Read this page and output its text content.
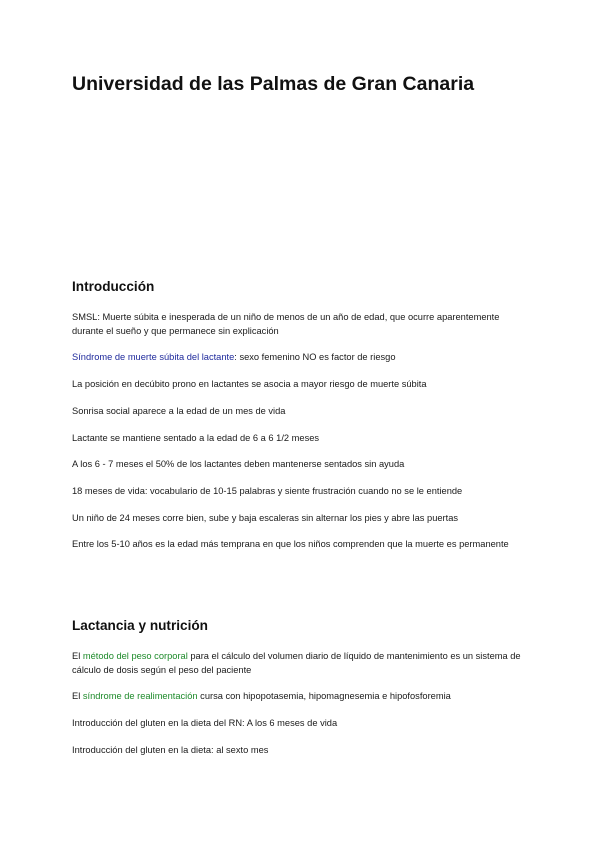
Universidad de las Palmas de Gran Canaria
Introducción

SMSL: Muerte súbita e inesperada de un niño de menos de un año de edad, que ocurre aparentemente durante el sueño y que permanece sin explicación

Síndrome de muerte súbita del lactante: sexo femenino NO es factor de riesgo

La posición en decúbito prono en lactantes se asocia a mayor riesgo de muerte súbita

Sonrisa social aparece a la edad de un mes de vida

Lactante se mantiene sentado a la edad de 6 a 6 1/2 meses

A los 6 - 7 meses el 50% de los lactantes deben mantenerse sentados sin ayuda

18 meses de vida: vocabulario de 10-15 palabras y siente frustración cuando no se le entiende

Un niño de 24 meses corre bien, sube y baja escaleras sin alternar los pies y abre las puertas

Entre los 5-10 años es la edad más temprana en que los niños comprenden que la muerte es permanente

Lactancia y nutrición

El método del peso corporal para el cálculo del volumen diario de líquido de mantenimiento es un sistema de cálculo de dosis según el peso del paciente

El síndrome de realimentación cursa con hipopotasemia, hipomagnesemia e hipofosforemia

Introducción del gluten en la dieta del RN: A los 6 meses de vida

Introducción del gluten en la dieta: al sexto mes
